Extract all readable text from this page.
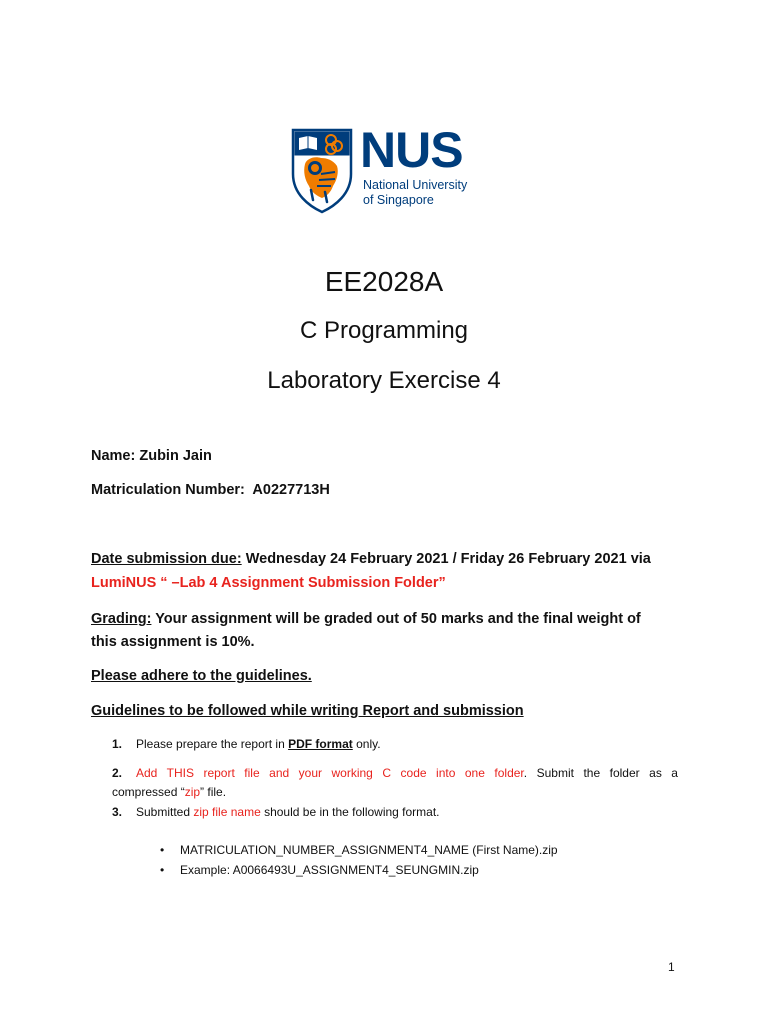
NUS
National University
of Singapore
EE2028A
C Programming
Laboratory Exercise 4
Name: Zubin Jain
Matriculation Number: A0227713H
Date submission due: Wednesday 24 February 2021 / Friday 26 February 2021 via
LumiNUS “ –Lab 4 Assignment Submission Folder”
Grading: Your assignment will be graded out of 50 marks and the final weight of
this assignment is 10%.
Please adhere to the guidelines.
Guidelines to be followed while writing Report and submission
1. Please prepare the report in PDF format only.
2. Add THIS report file and your working C code into one folder. Submit the folder as a
compressed “zip” file.
3. Submitted zip file name should be in the following format.
• MATRICULATION_NUMBER_ASSIGNMENT4_NAME (First Name).zip
• Example: A0066493U_ASSIGNMENT4_SEUNGMIN.zip
1
